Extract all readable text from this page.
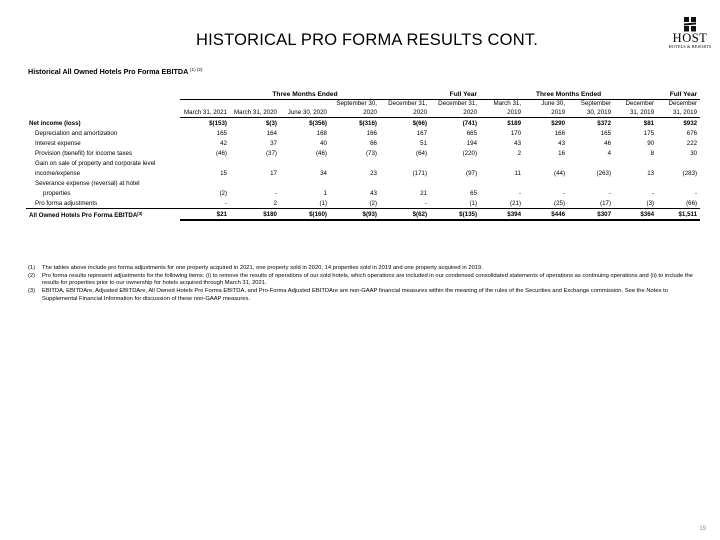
HISTORICAL PRO FORMA RESULTS CONT.	HOST
HOTELS & RESORTS
Historical All Owned Hotels Pro Forma EBITDA $^{(1) (2)}$
	Three Months Ended					Full Year	Three Months Ended				Full Year
	March 31, 2021	March 31, 2020	June 30, 2020	September 30, 2020	December 31, 2020	December 31, 2020	March 31, 2019	June 30, 2019	September 30, 2019	December 31, 2019	December 31, 2019
Net income (loss)	$(153)	$(3)	$(356)	$(316)	$(66)	(741)	$189	$290	$372	$81	$932
Depreciation and amortization	165	164	168	166	167	665	170	166	165	175	676
Interest expense	42	37	40	66	51	194	43	43	46	90	222
Provision (benefit) for income taxes	(46)	(37)	(46)	(73)	(64)	(220)	2	16	4	8	30
Gain on sale of property and corporate level											
income/expense	15	17	34	23	(171)	(97)	11	(44)	(263)	13	(283)
Severance expense (reversal) at hotel											
properties	(2)	-	1	43	21	65	-	-	-	-	-
Pro forma adjustments	-	2	(1)	(2)	-	(1)	(21)	(25)	(17)	(3)	(66)
All Owned Hotels Pro Forma EBITDA$^{(3)}$	$21	$180	$(160)	$(93)	$(62)	$(135)	$394	$446	$307	$364	$1,511
(1)	The tables above include pro forma adjustments for one property acquired in 2021, one property sold in 2020, 14 properties sold in 2019 and one property acquired in 2019.
(2)	Pro forma results represent adjustments for the following items: (i) to remove the results of operations of our sold hotels, which operations are included in our condensed consolidated statements of operations as continuing operations and (ii) to include the results for properties prior to our ownership for hotels acquired through March 31, 2021.
(3)	EBITDA, EBITDAre, Adjusted EBITDAre, All Owned Hotels Pro Forma EBITDA, and Pro-Forma Adjusted EBITDAre are non-GAAP financial measures within the meaning of the rules of the Securities and Exchange commission. See the Notes to Supplemental Financial Information for discussion of these non-GAAP measures.
19
